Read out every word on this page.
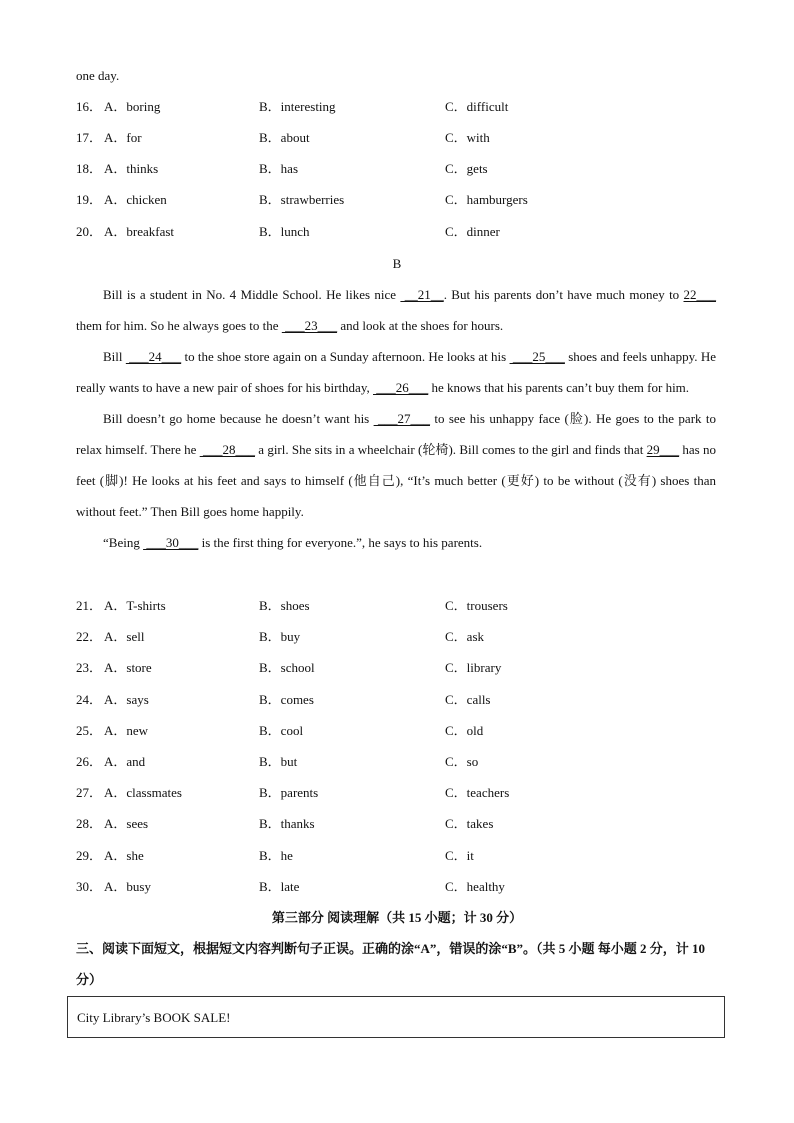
one day.
16． A．boring	B．interesting	C．difficult
17． A．for	B．about	C．with
18． A．thinks	B．has	C．gets
19． A．chicken	B．strawberries	C．hamburgers
20． A．breakfast	B．lunch	C．dinner
B

Bill is a student in No. 4 Middle School. He likes nice  __21__. But his parents don’t have much money to 22___ them for him. So he always goes to the  ___23___ and look at the shoes for hours.

Bill  ___24___ to the shoe store again on a Sunday afternoon. He looks at his  ___25___ shoes and feels unhappy. He really wants to have a new pair of shoes for his birthday,  ___26___ he knows that his parents can’t buy them for him.

Bill doesn’t go home because he doesn’t want his  ___27___ to see his unhappy face (脸). He goes to the park to relax himself. There he  ___28___ a girl. She sits in a wheelchair (轮椅). Bill comes to the girl and finds that 29___ has no feet (脚)! He looks at his feet and says to himself (他自己), “It’s much better (更好) to be without (没有) shoes than without feet.” Then Bill goes home happily.

“Being  ___30___ is the first thing for everyone.”, he says to his parents.

21． A．T-shirts	B．shoes	C．trousers
22． A．sell	B．buy	C．ask
23． A．store	B．school	C．library
24． A．says	B．comes	C．calls
25． A．new	B．cool	C．old
26． A．and	B．but	C．so
27． A．classmates	B．parents	C．teachers
28． A．sees	B．thanks	C．takes
29． A．she	B．he	C．it
30． A．busy	B．late	C．healthy
第三部分 阅读理解（共 15 小题；计 30 分）
三、阅读下面短文，根据短文内容判断句子正误。正确的涂“A”，错误的涂“B”。（共 5 小题 每小题 2 分，计 10 分）
City Library’s BOOK SALE!
